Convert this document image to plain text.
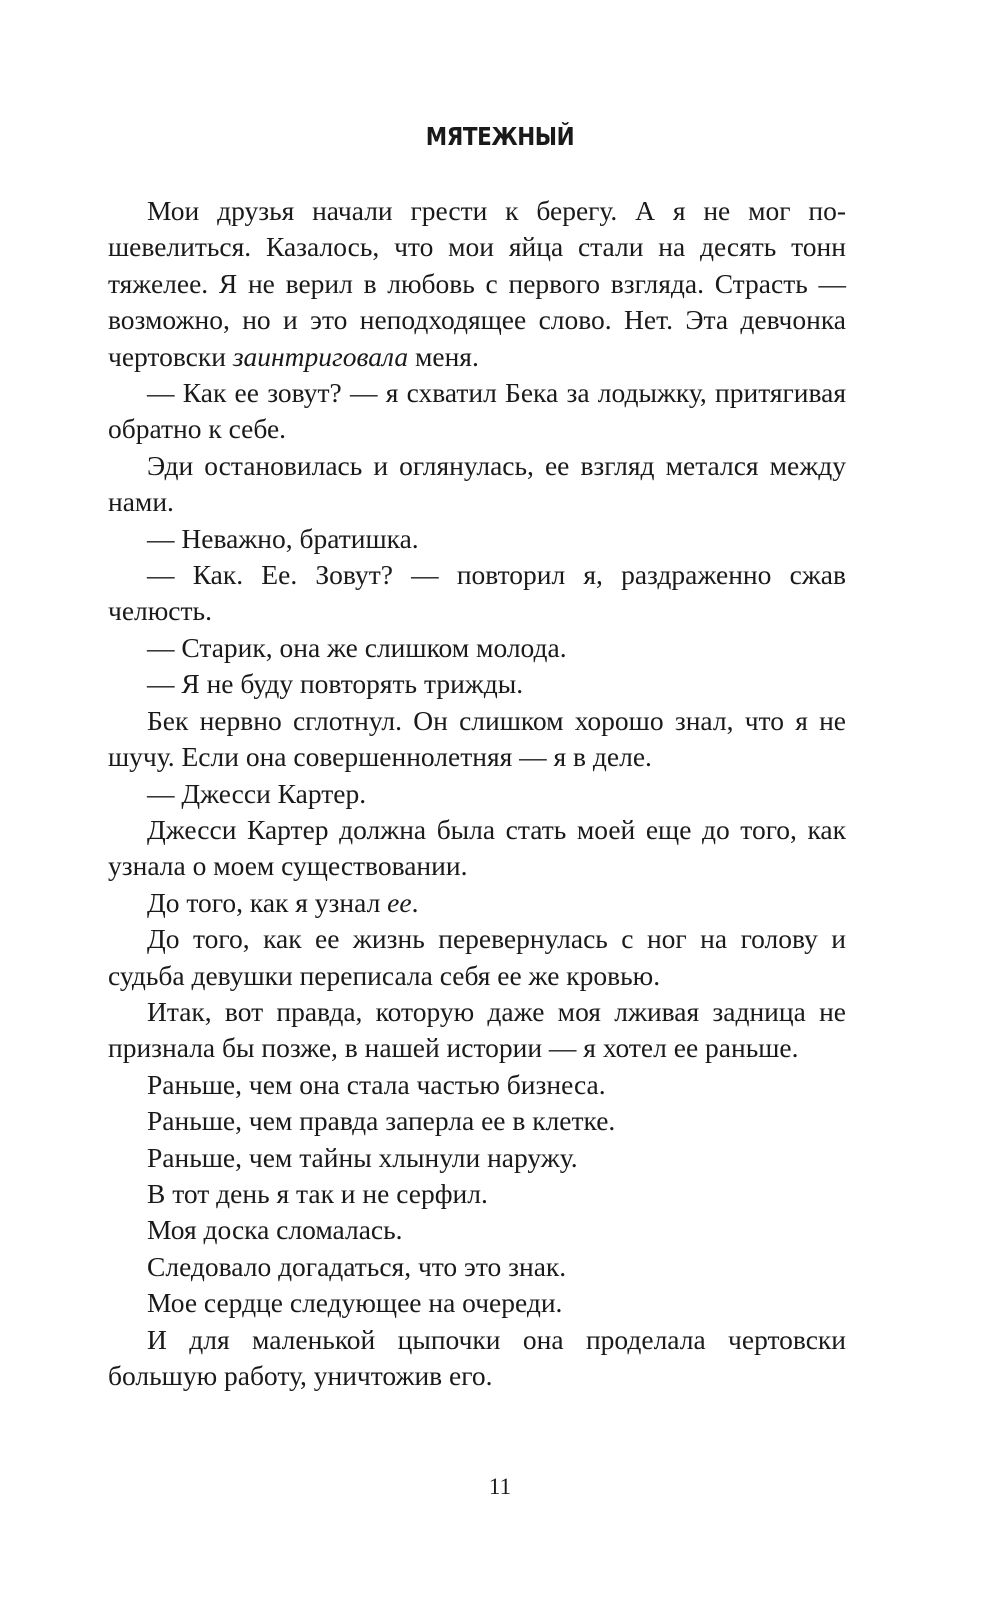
МЯТЕЖНЫЙ

Мои друзья начали грести к берегу. А я не мог пошевелиться. Казалось, что мои яйца стали на десять тонн тяжелее. Я не верил в любовь с первого взгляда. Страсть — возможно, но и это неподходящее слово. Нет. Эта девчонка чертовски заинтриговала меня.

— Как ее зовут? — я схватил Бека за лодыжку, притягивая обратно к себе.

Эди остановилась и оглянулась, ее взгляд метался между нами.

— Неважно, братишка.

— Как. Ее. Зовут? — повторил я, раздраженно сжав челюсть.

— Старик, она же слишком молода.

— Я не буду повторять трижды.

Бек нервно сглотнул. Он слишком хорошо знал, что я не шучу. Если она совершеннолетняя — я в деле.

— Джесси Картер.

Джесси Картер должна была стать моей еще до того, как узнала о моем существовании.

До того, как я узнал ее.

До того, как ее жизнь перевернулась с ног на голову и судьба девушки переписала себя ее же кровью.

Итак, вот правда, которую даже моя лживая задница не признала бы позже, в нашей истории — я хотел ее раньше.

Раньше, чем она стала частью бизнеса.

Раньше, чем правда заперла ее в клетке.

Раньше, чем тайны хлынули наружу.

В тот день я так и не серфил.

Моя доска сломалась.

Следовало догадаться, что это знак.

Мое сердце следующее на очереди.

И для маленькой цыпочки она проделала чертовски большую работу, уничтожив его.

11
